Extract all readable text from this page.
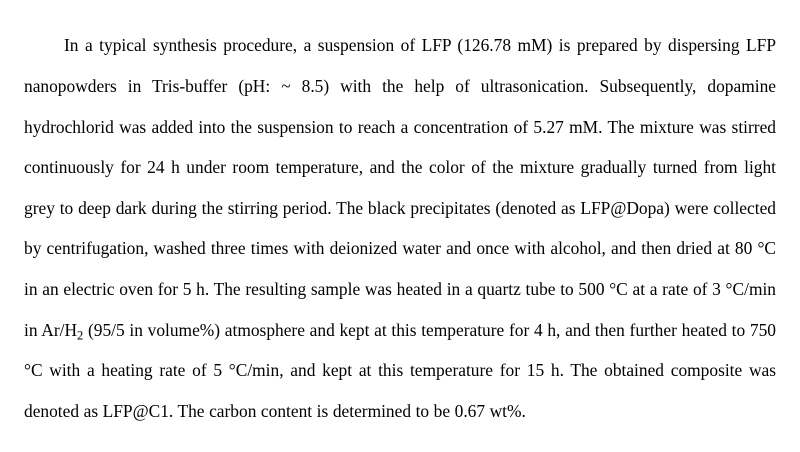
In a typical synthesis procedure, a suspension of LFP (126.78 mM) is prepared by dispersing LFP nanopowders in Tris-buffer (pH: ~ 8.5) with the help of ultrasonication. Subsequently, dopamine hydrochlorid was added into the suspension to reach a concentration of 5.27 mM. The mixture was stirred continuously for 24 h under room temperature, and the color of the mixture gradually turned from light grey to deep dark during the stirring period. The black precipitates (denoted as LFP@Dopa) were collected by centrifugation, washed three times with deionized water and once with alcohol, and then dried at 80 °C in an electric oven for 5 h. The resulting sample was heated in a quartz tube to 500 °C at a rate of 3 °C/min in $Ar/H_2$ (95/5 in volume%) atmosphere and kept at this temperature for 4 h, and then further heated to 750 °C with a heating rate of 5 °C/min, and kept at this temperature for 15 h. The obtained composite was denoted as LFP@C1. The carbon content is determined to be 0.67 wt%.
